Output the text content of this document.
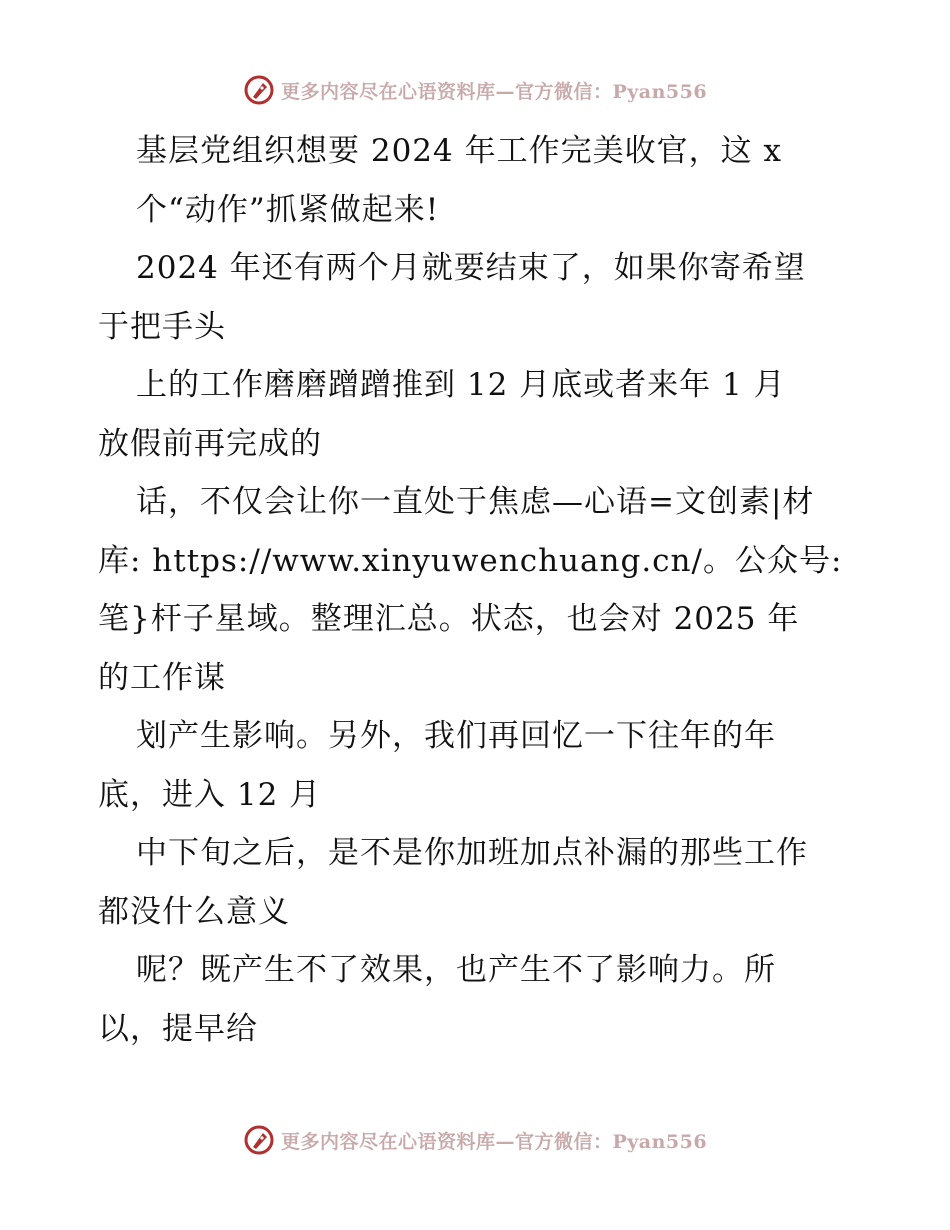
更多内容尽在心语资料库—官方微信：Pyan556
基层党组织想要 2024 年工作完美收官，这 x
个“动作”抓紧做起来!
2024 年还有两个月就要结束了，如果你寄希望
于把手头
上的工作磨磨蹭蹭推到 12 月底或者来年 1 月
放假前再完成的
话，不仅会让你一直处于焦虑—心语=文创素|材
库: https://www.xinyuwenchuang.cn/。公众号:
笔}杆子星域。整理汇总。状态，也会对 2025 年
的工作谋
划产生影响。另外，我们再回忆一下往年的年
底，进入 12 月
中下旬之后，是不是你加班加点补漏的那些工作
都没什么意义
呢？既产生不了效果，也产生不了影响力。所
以，提早给
更多内容尽在心语资料库—官方微信：Pyan556
